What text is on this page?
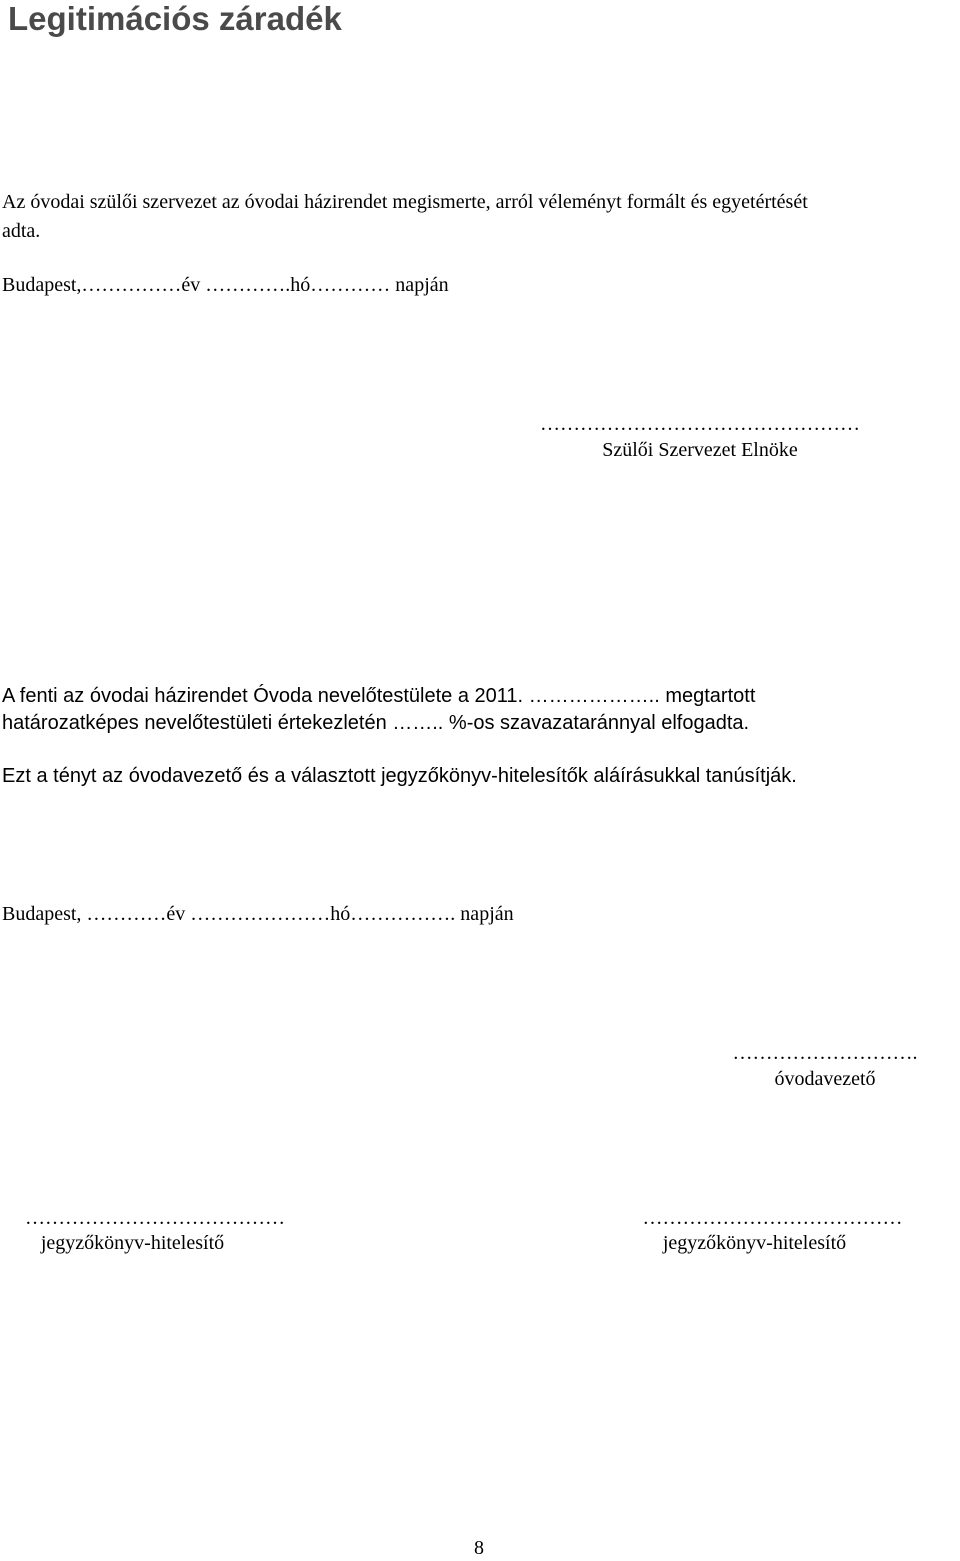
Legitimációs záradék

Az óvodai szülői szervezet az óvodai házirendet megismerte, arról véleményt formált és egyetértését

adta.

Budapest,……………év ………….hó………… napján

…………………………………………

Szülői Szervezet Elnöke

A fenti az óvodai házirendet Óvoda nevelőtestülete a 2011. ……………….. megtartott

határozatképes nevelőtestületi értekezletén …….. %-os szavazataránnyal elfogadta.

Ezt a tényt az óvodavezető és a választott jegyzőkönyv-hitelesítők aláírásukkal tanúsítják.

Budapest, …………év …………………hó……………. napján

……………………….

óvodavezető

…………………………………

jegyzőkönyv-hitelesítő

…………………………………

jegyzőkönyv-hitelesítő

8
